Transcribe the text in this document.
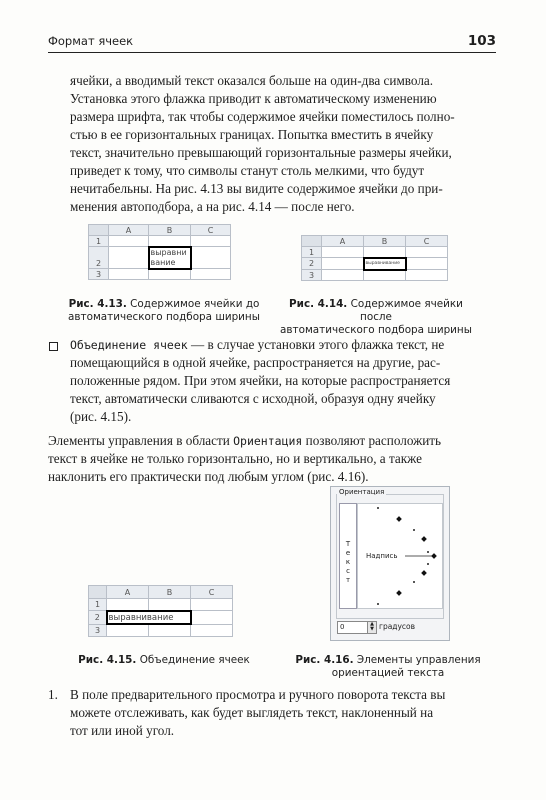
Формат ячеек	103

ячейки, а вводимый текст оказался больше на один-два символа.

Установка этого флажка приводит к автоматическому изменению

размера шрифта, так чтобы содержимое ячейки поместилось полно-

стью в ее горизонтальных границах. Попытка вместить в ячейку

текст, значительно превышающий горизонтальные размеры ячейки,

приведет к тому, что символы станут столь мелкими, что будут

нечитабельны. На рис. 4.13 вы видите содержимое ячейки до при-

менения автоподбора, а на рис. 4.14 — после него.

	A	B	C
1			
2		выравни
вание	
3			
	A	B	C
1			
2		выравнивание	
3			
Рис. 4.13. Содержимое ячейки до
автоматического подбора ширины
Рис. 4.14. Содержимое ячейки после
автоматического подбора ширины

Объединение ячеек — в случае установки этого флажка текст, не

помещающийся в одной ячейке, распространяется на другие, рас-

положенные рядом. При этом ячейки, на которые распространяется

текст, автоматически сливаются с исходной, образуя одну ячейку

(рис. 4.15).

Элементы управления в области Ориентация позволяют расположить

текст в ячейке не только горизонтально, но и вертикально, а также

наклонить его практически под любым углом (рис. 4.16).

	A	B	C
1			
2	выравнивание		
3			
Ориентация
Т
е
к
с
т
Надпись
0	▲
▼ градусов
Рис. 4.15. Объединение ячеек	Рис. 4.16. Элементы управления
ориентацией текста
1. В поле предварительного просмотра и ручного поворота текста вы

можете отслеживать, как будет выглядеть текст, наклоненный на

тот или иной угол.
